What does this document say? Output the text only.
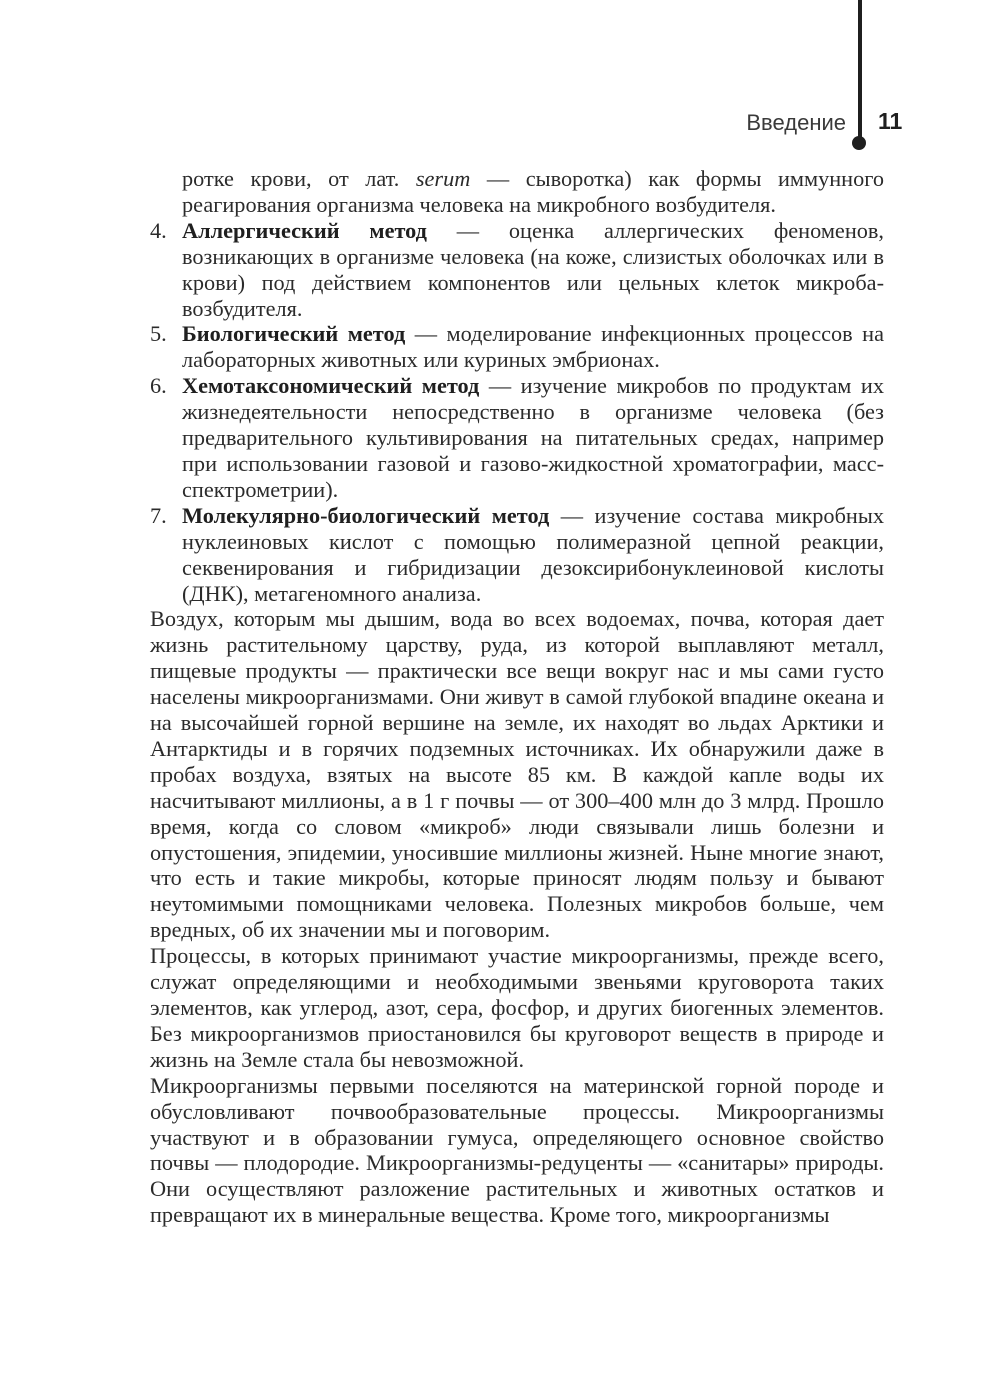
Введение 11

ротке крови, от лат. serum — сыворотка) как формы иммунного реагирования организма человека на микробного возбудителя.

4. Аллергический метод — оценка аллергических феноменов, возникающих в организме человека (на коже, слизистых оболочках или в крови) под действием компонентов или цельных клеток микроба-возбудителя.

5. Биологический метод — моделирование инфекционных процессов на лабораторных животных или куриных эмбрионах.

6. Хемотаксономический метод — изучение микробов по продуктам их жизнедеятельности непосредственно в организме человека (без предварительного культивирования на питательных средах, например при использовании газовой и газово-жидкостной хроматографии, масс-спектрометрии).

7. Молекулярно-биологический метод — изучение состава микробных нуклеиновых кислот с помощью полимеразной цепной реакции, секвенирования и гибридизации дезоксирибонуклеиновой кислоты (ДНК), метагеномного анализа.

Воздух, которым мы дышим, вода во всех водоемах, почва, которая дает жизнь растительному царству, руда, из которой выплавляют металл, пищевые продукты — практически все вещи вокруг нас и мы сами густо населены микроорганизмами. Они живут в самой глубокой впадине океана и на высочайшей горной вершине на земле, их находят во льдах Арктики и Антарктиды и в горячих подземных источниках. Их обнаружили даже в пробах воздуха, взятых на высоте 85 км. В каждой капле воды их насчитывают миллионы, а в 1 г почвы — от 300–400 млн до 3 млрд. Прошло время, когда со словом «микроб» люди связывали лишь болезни и опустошения, эпидемии, уносившие миллионы жизней. Ныне многие знают, что есть и такие микробы, которые приносят людям пользу и бывают неутомимыми помощниками человека. Полезных микробов больше, чем вредных, об их значении мы и поговорим.

Процессы, в которых принимают участие микроорганизмы, прежде всего, служат определяющими и необходимыми звеньями круговорота таких элементов, как углерод, азот, сера, фосфор, и других биогенных элементов. Без микроорганизмов приостановился бы круговорот веществ в природе и жизнь на Земле стала бы невозможной.

Микроорганизмы первыми поселяются на материнской горной породе и обусловливают почвообразовательные процессы. Микроорганизмы участвуют и в образовании гумуса, определяющего основное свойство почвы — плодородие. Микроорганизмы-редуценты — «санитары» природы. Они осуществляют разложение растительных и животных остатков и превращают их в минеральные вещества. Кроме того, микроорганизмы
